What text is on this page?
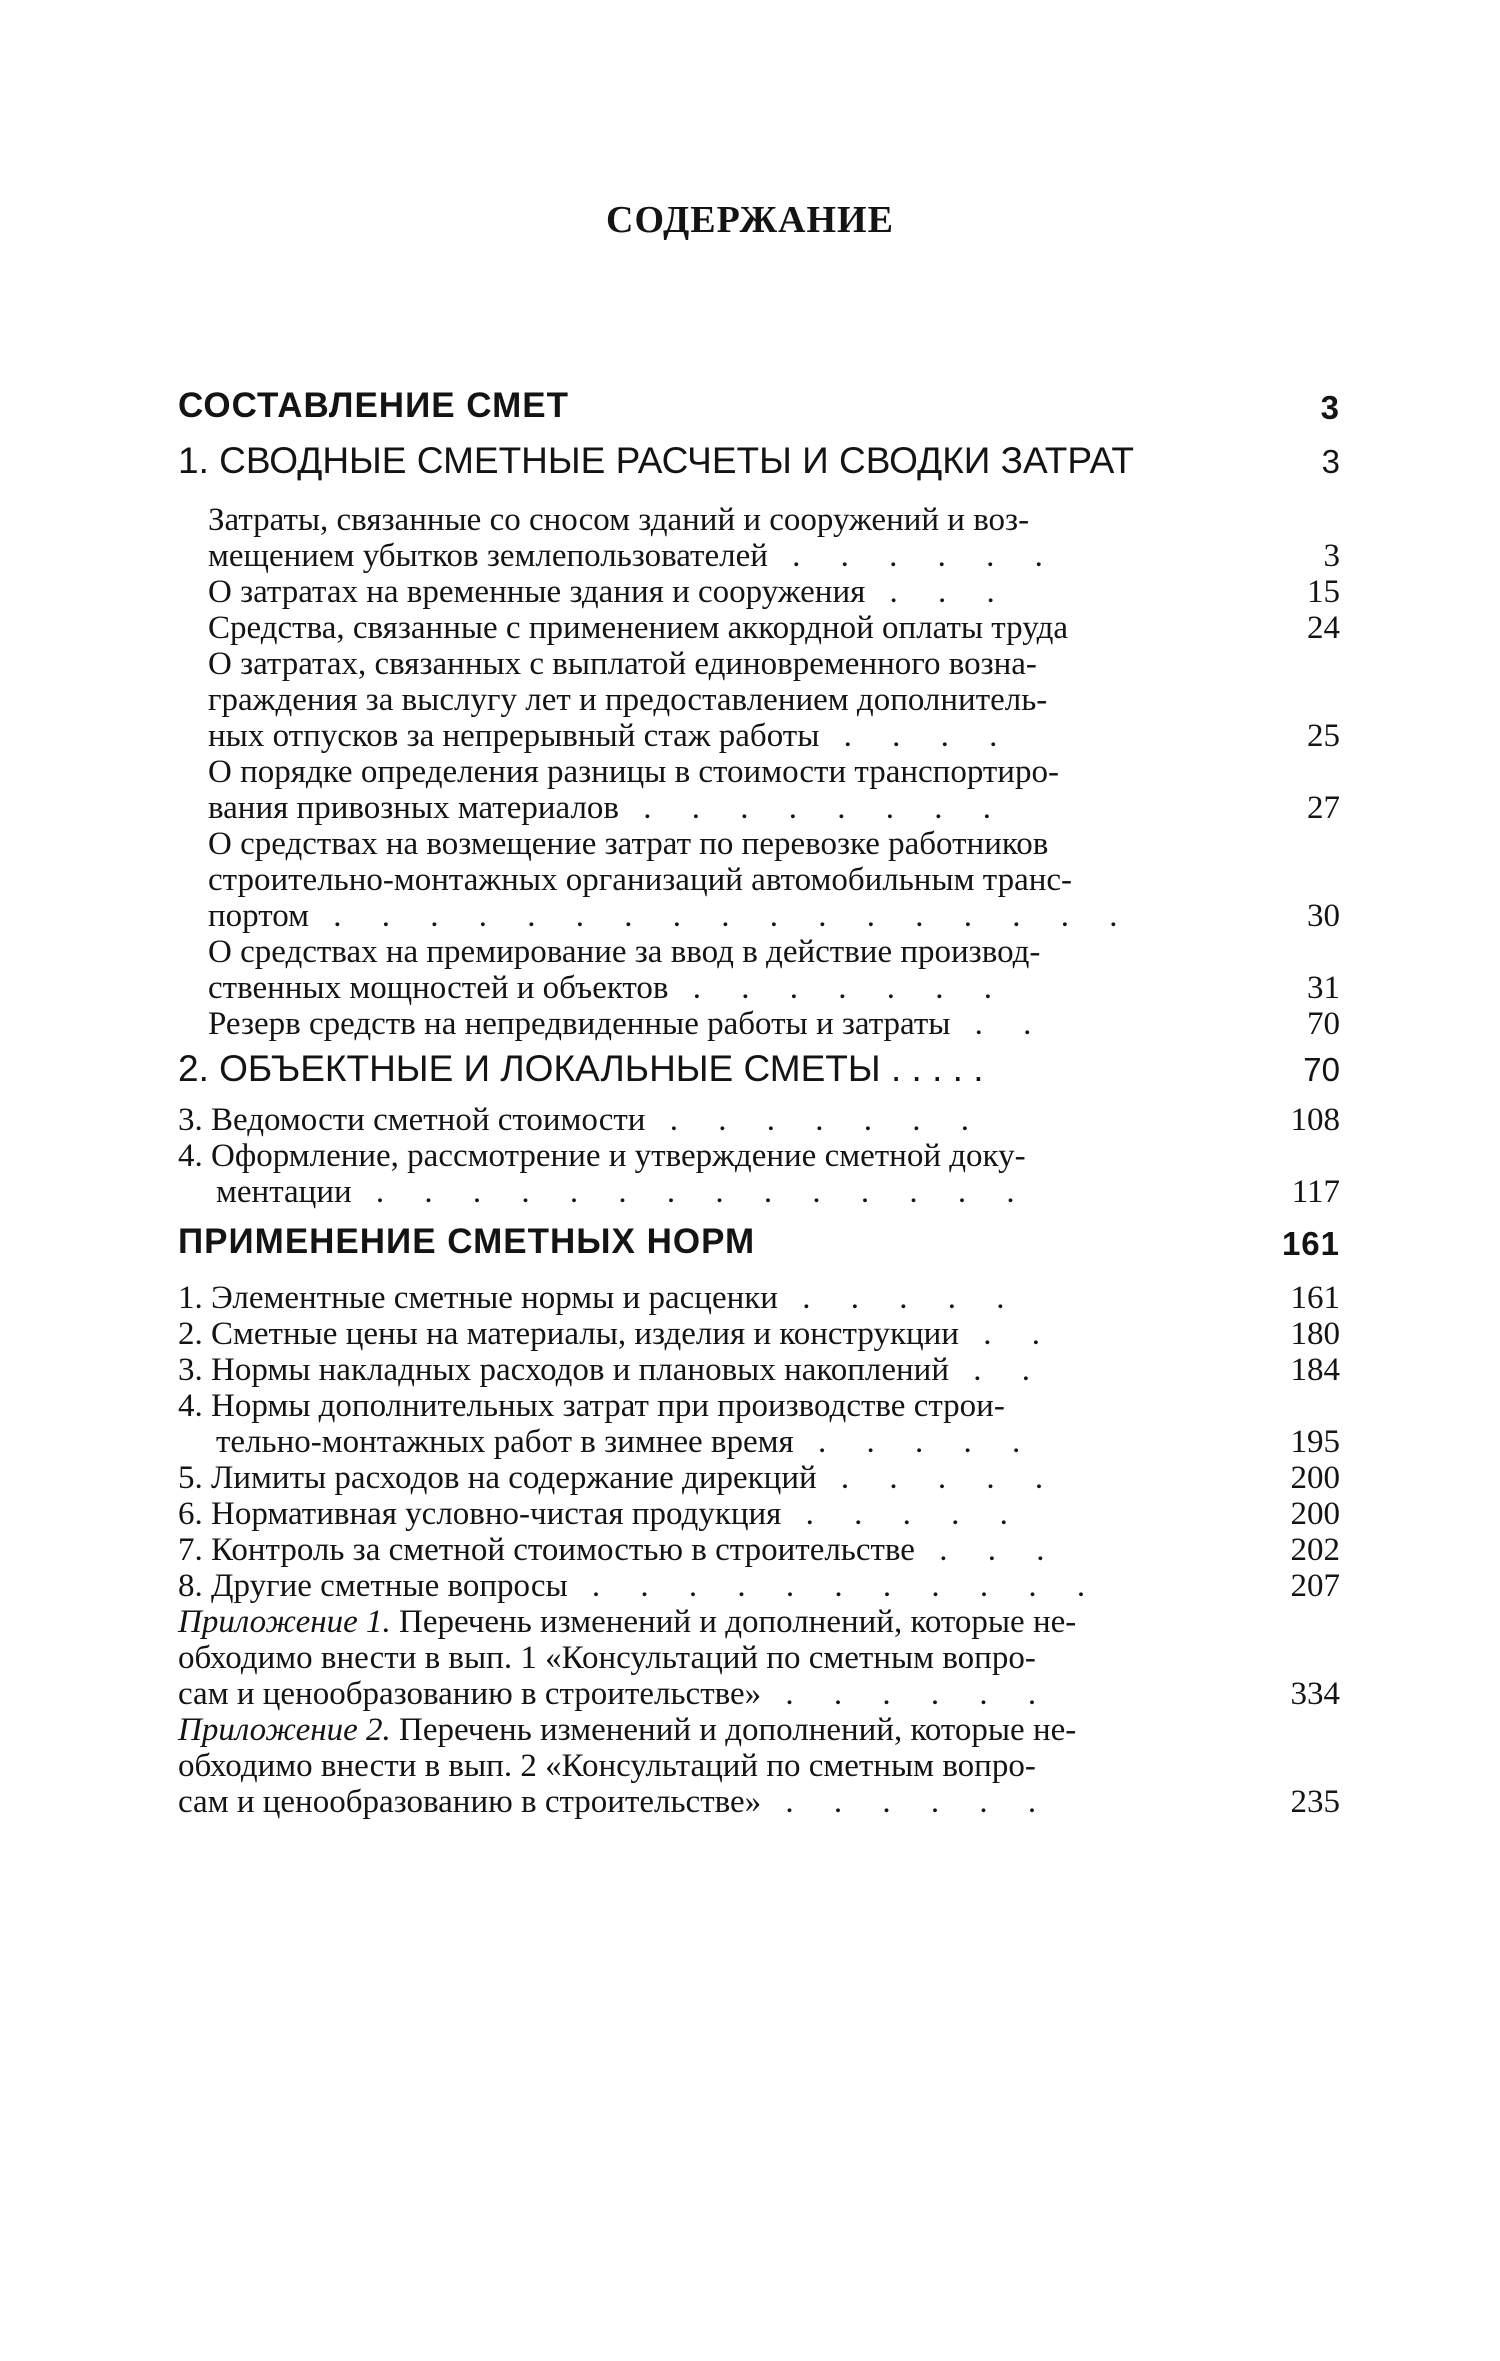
СОДЕРЖАНИЕ
СОСТАВЛЕНИЕ СМЕТ	3
1. СВОДНЫЕ СМЕТНЫЕ РАСЧЕТЫ И СВОДКИ ЗАТРАТ	3
Затраты, связанные со сносом зданий и сооружений и воз-
мещением убытков землепользователей . . . . . .	3
О затратах на временные здания и сооружения . . .	15
Средства, связанные с применением аккордной оплаты труда	24
О затратах, связанных с выплатой единовременного возна-
граждения за выслугу лет и предоставлением дополнитель-
ных отпусков за непрерывный стаж работы . . . .	25
О порядке определения разницы в стоимости транспортиро-
вания привозных материалов . . . . . . . .	27
О средствах на возмещение затрат по перевозке работников
строительно-монтажных организаций автомобильным транс-
портом . . . . . . . . . . . . . . . . .	30
О средствах на премирование за ввод в действие производ-
ственных мощностей и объектов . . . . . . .	31
Резерв средств на непредвиденные работы и затраты . .	70
2. ОБЪЕКТНЫЕ И ЛОКАЛЬНЫЕ СМЕТЫ . . . . .	70
3. Ведомости сметной стоимости . . . . . . .	108
4. Оформление, рассмотрение и утверждение сметной доку-
ментации . . . . . . . . . . . . . .	117
ПРИМЕНЕНИЕ СМЕТНЫХ НОРМ	161
1. Элементные сметные нормы и расценки . . . . .	161
2. Сметные цены на материалы, изделия и конструкции . .	180
3. Нормы накладных расходов и плановых накоплений . .	184
4. Нормы дополнительных затрат при производстве строи-
тельно-монтажных работ в зимнее время . . . . .	195
5. Лимиты расходов на содержание дирекций . . . . .	200
6. Нормативная условно-чистая продукция . . . . .	200
7. Контроль за сметной стоимостью в строительстве . . .	202
8. Другие сметные вопросы . . . . . . . . . . .	207
Приложение 1. Перечень изменений и дополнений, которые не-
обходимо внести в вып. 1 «Консультаций по сметным вопро-
сам и ценообразованию в строительстве» . . . . . .	334
Приложение 2. Перечень изменений и дополнений, которые не-
обходимо внести в вып. 2 «Консультаций по сметным вопро-
сам и ценообразованию в строительстве» . . . . . .	235
